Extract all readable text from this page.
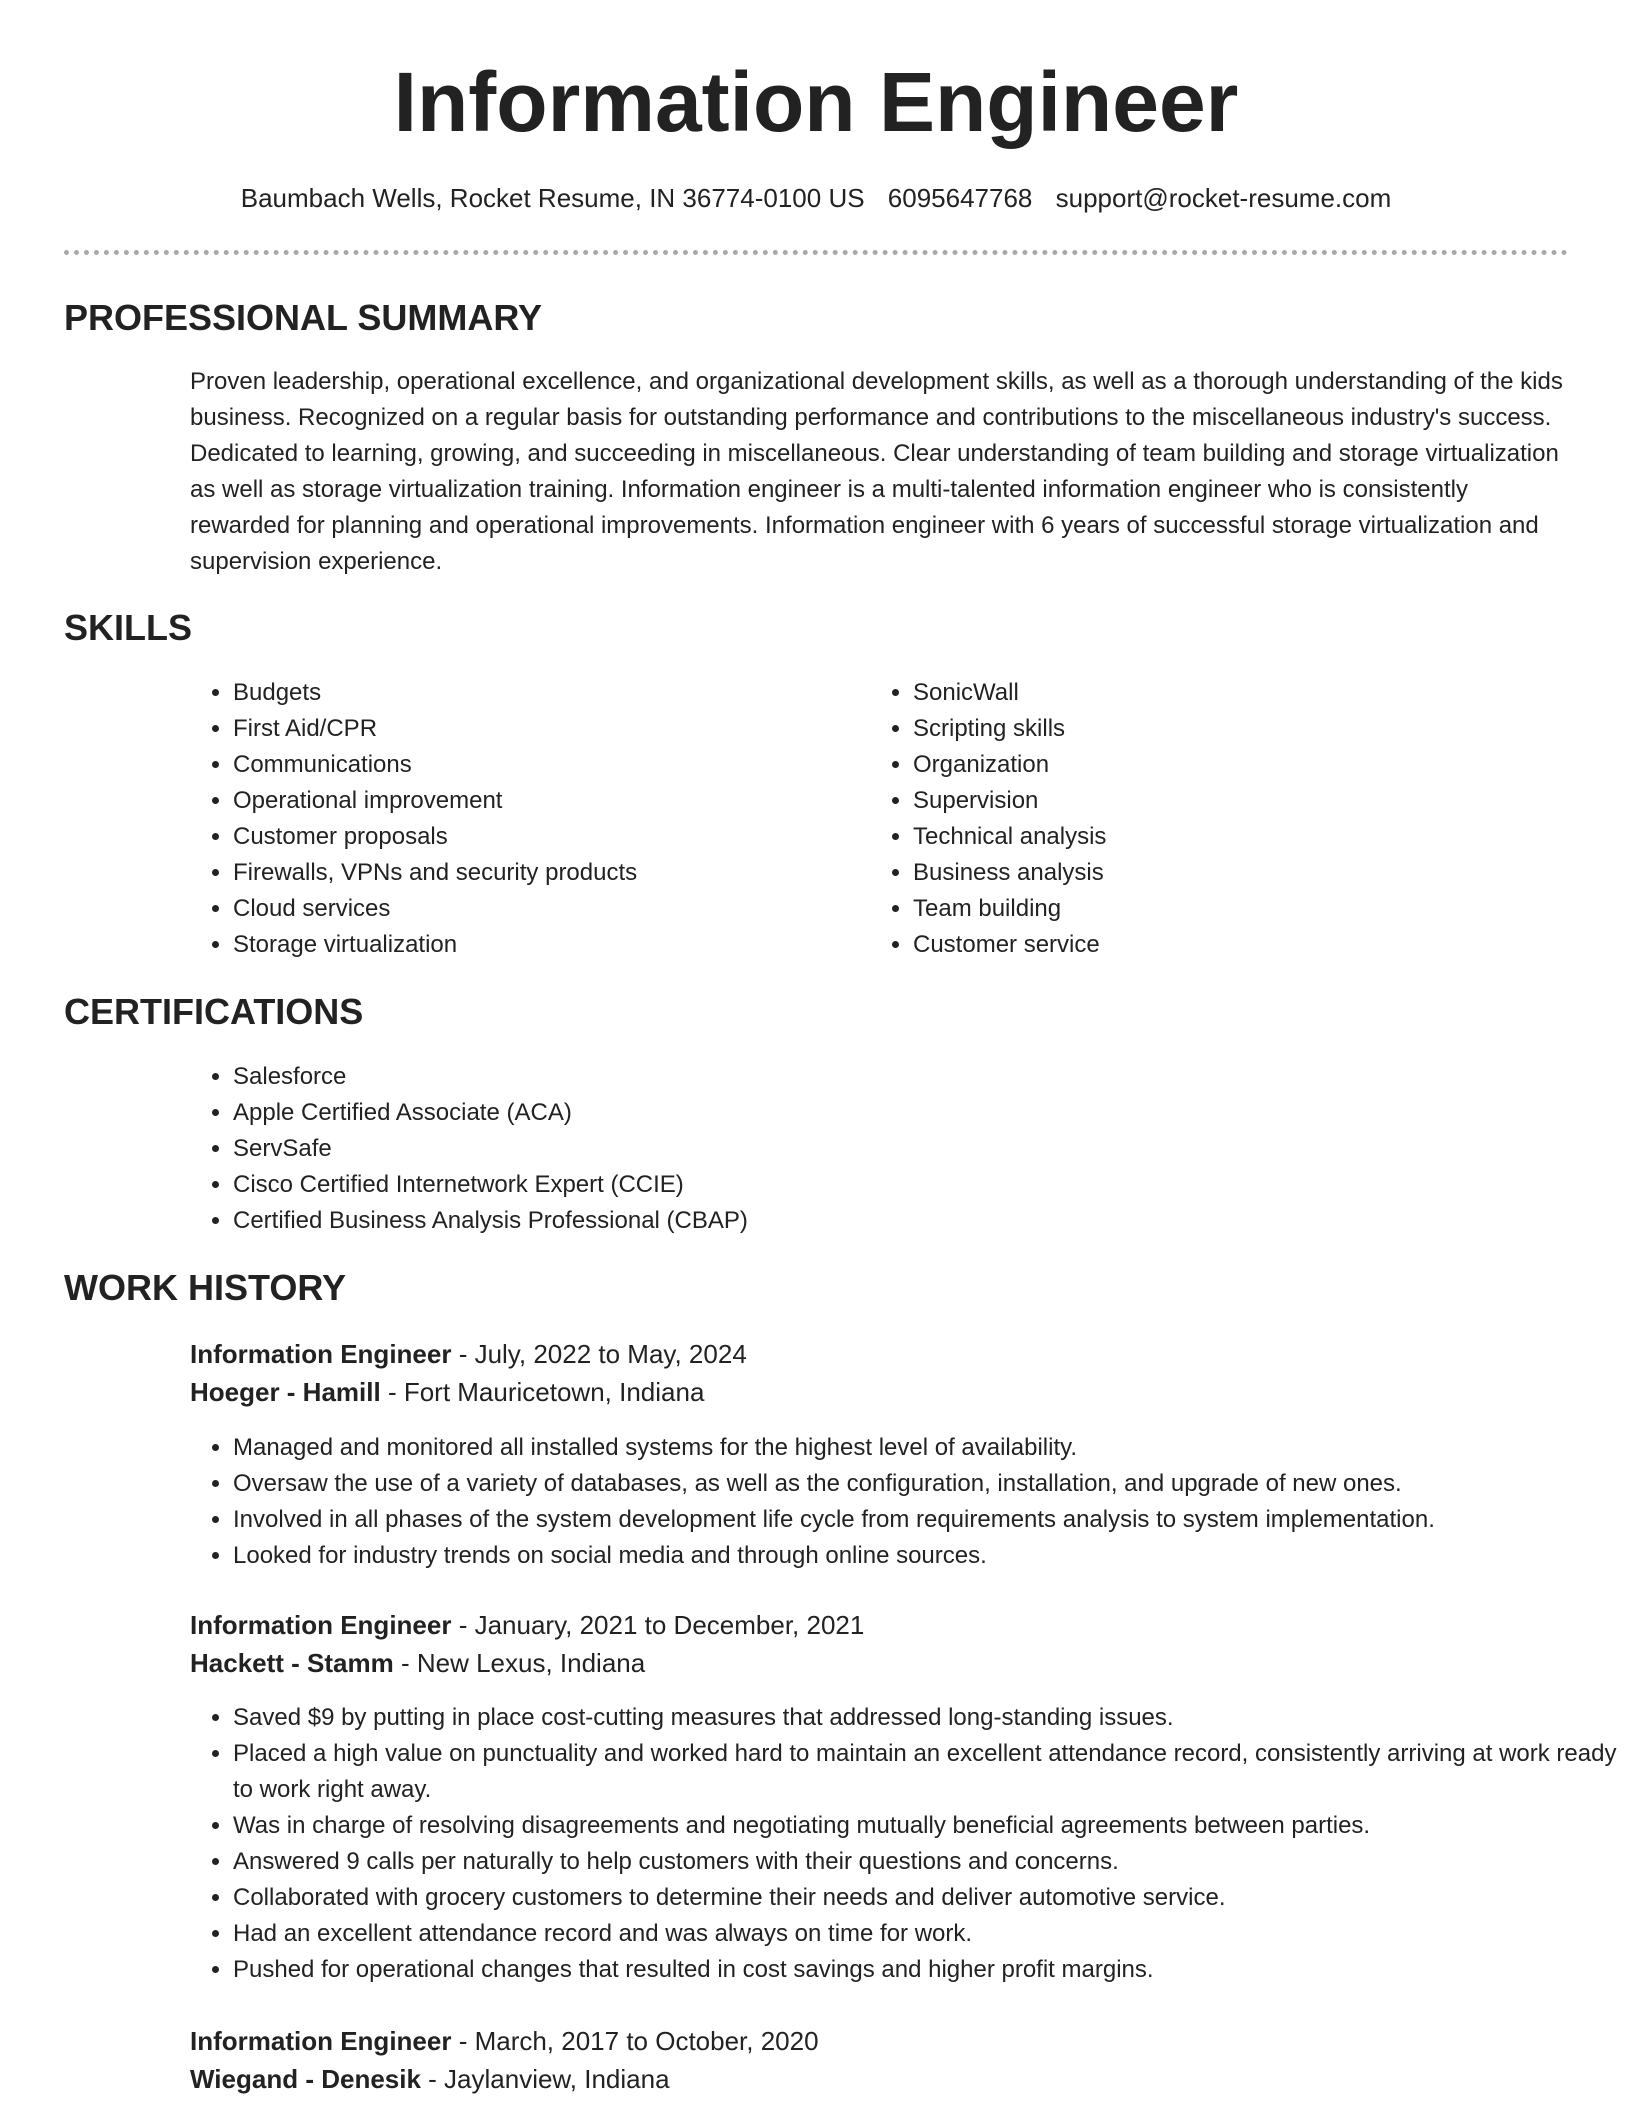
Information Engineer
Baumbach Wells, Rocket Resume, IN 36774-0100 US 6095647768 support@rocket-resume.com
PROFESSIONAL SUMMARY

Proven leadership, operational excellence, and organizational development skills, as well as a thorough understanding of the kids business. Recognized on a regular basis for outstanding performance and contributions to the miscellaneous industry's success. Dedicated to learning, growing, and succeeding in miscellaneous. Clear understanding of team building and storage virtualization as well as storage virtualization training. Information engineer is a multi-talented information engineer who is consistently rewarded for planning and operational improvements. Information engineer with 6 years of successful storage virtualization and supervision experience.

SKILLS
• Budgets
• First Aid/CPR
• Communications
• Operational improvement
• Customer proposals
• Firewalls, VPNs and security products
• Cloud services
• Storage virtualization
• SonicWall
• Scripting skills
• Organization
• Supervision
• Technical analysis
• Business analysis
• Team building
• Customer service
CERTIFICATIONS
• Salesforce
• Apple Certified Associate (ACA)
• ServSafe
• Cisco Certified Internetwork Expert (CCIE)
• Certified Business Analysis Professional (CBAP)
WORK HISTORY
Information Engineer - July, 2022 to May, 2024
Hoeger - Hamill - Fort Mauricetown, Indiana
• Managed and monitored all installed systems for the highest level of availability.
• Oversaw the use of a variety of databases, as well as the configuration, installation, and upgrade of new ones.
• Involved in all phases of the system development life cycle from requirements analysis to system implementation.
• Looked for industry trends on social media and through online sources.
Information Engineer - January, 2021 to December, 2021
Hackett - Stamm - New Lexus, Indiana
• Saved $9 by putting in place cost-cutting measures that addressed long-standing issues.
• Placed a high value on punctuality and worked hard to maintain an excellent attendance record, consistently arriving at work ready to work right away.
• Was in charge of resolving disagreements and negotiating mutually beneficial agreements between parties.
• Answered 9 calls per naturally to help customers with their questions and concerns.
• Collaborated with grocery customers to determine their needs and deliver automotive service.
• Had an excellent attendance record and was always on time for work.
• Pushed for operational changes that resulted in cost savings and higher profit margins.
Information Engineer - March, 2017 to October, 2020
Wiegand - Denesik - Jaylanview, Indiana
